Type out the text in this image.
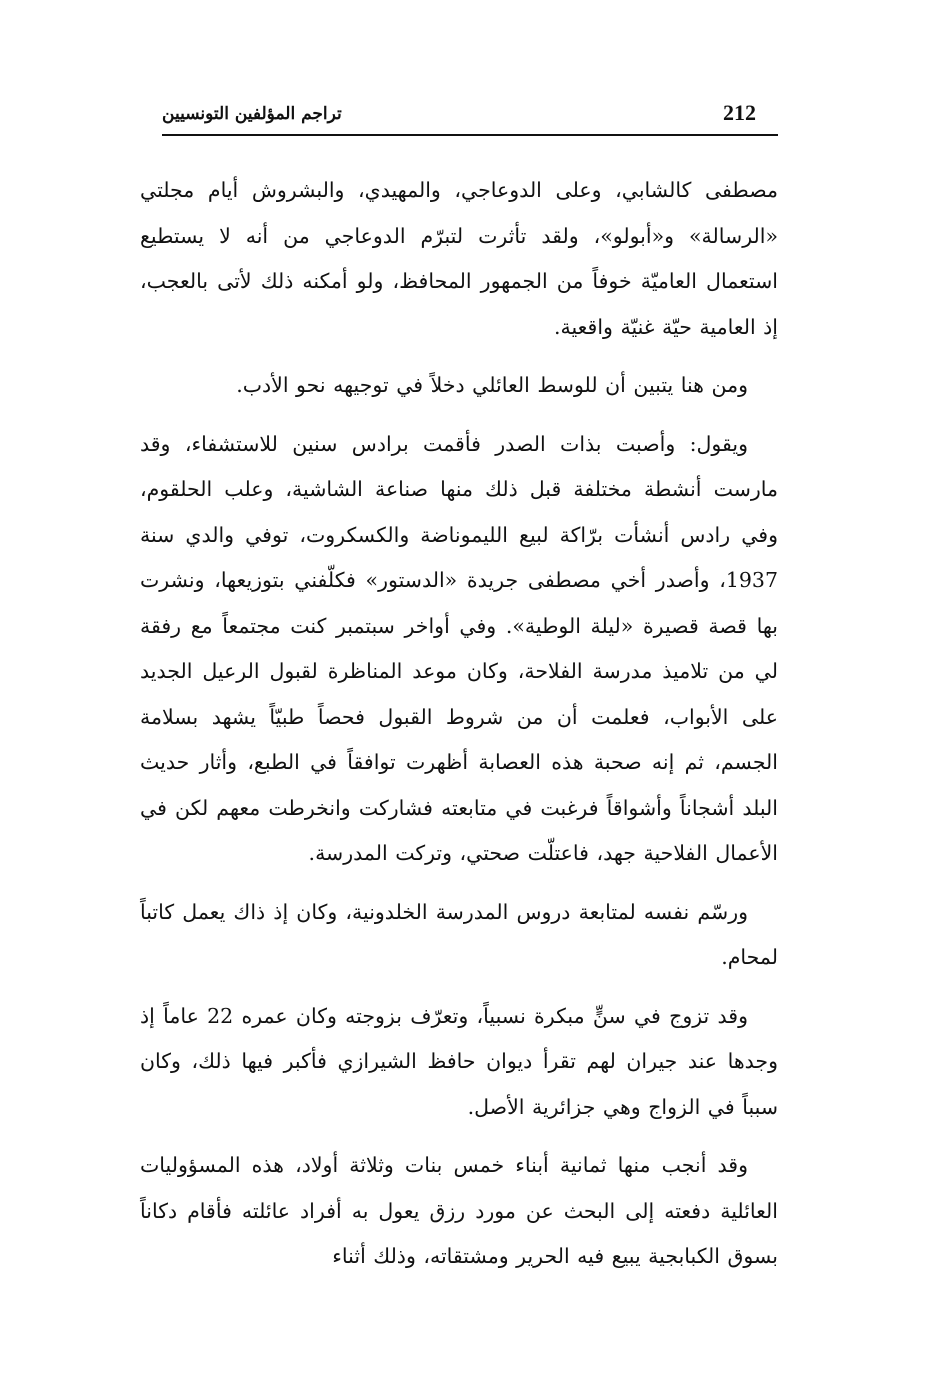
212
تراجم المؤلفين التونسيين

مصطفى كالشابي، وعلى الدوعاجي، والمهيدي، والبشروش أيام مجلتي «الرسالة» و«أبولو»، ولقد تأثرت لتبرّم الدوعاجي من أنه لا يستطيع استعمال العاميّة خوفاً من الجمهور المحافظ، ولو أمكنه ذلك لأتى بالعجب، إذ العامية حيّة غنيّة واقعية.

ومن هنا يتبين أن للوسط العائلي دخلاً في توجيهه نحو الأدب.

ويقول: وأصبت بذات الصدر فأقمت برادس سنين للاستشفاء، وقد مارست أنشطة مختلفة قبل ذلك منها صناعة الشاشية، وعلب الحلقوم، وفي رادس أنشأت برّاكة لبيع الليموناضة والكسكروت، توفي والدي سنة 1937، وأصدر أخي مصطفى جريدة «الدستور» فكلّفني بتوزيعها، ونشرت بها قصة قصيرة «ليلة الوطية». وفي أواخر سبتمبر كنت مجتمعاً مع رفقة لي من تلاميذ مدرسة الفلاحة، وكان موعد المناظرة لقبول الرعيل الجديد على الأبواب، فعلمت أن من شروط القبول فحصاً طبيّاً يشهد بسلامة الجسم، ثم إنه صحبة هذه العصابة أظهرت توافقاً في الطبع، وأثار حديث البلد أشجاناً وأشواقاً فرغبت في متابعته فشاركت وانخرطت معهم لكن في الأعمال الفلاحية جهد، فاعتلّت صحتي، وتركت المدرسة.

ورسّم نفسه لمتابعة دروس المدرسة الخلدونية، وكان إذ ذاك يعمل كاتباً لمحام.

وقد تزوج في سنٍّ مبكرة نسبياً، وتعرّف بزوجته وكان عمره 22 عاماً إذ وجدها عند جيران لهم تقرأ ديوان حافظ الشيرازي فأكبر فيها ذلك، وكان سبباً في الزواج وهي جزائرية الأصل.

وقد أنجب منها ثمانية أبناء خمس بنات وثلاثة أولاد، هذه المسؤوليات العائلية دفعته إلى البحث عن مورد رزق يعول به أفراد عائلته فأقام دكاناً بسوق الكبابجية يبيع فيه الحرير ومشتقاته، وذلك أثناء
